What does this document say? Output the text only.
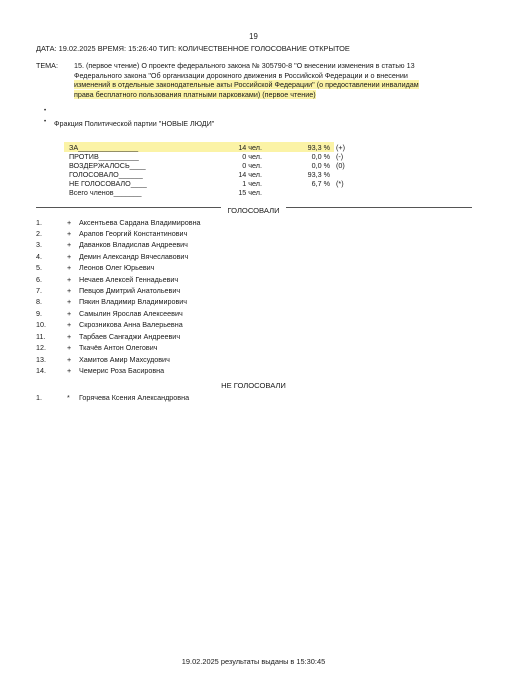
19
ДАТА: 19.02.2025 ВРЕМЯ: 15:26:40 ТИП: КОЛИЧЕСТВЕННОЕ ГОЛОСОВАНИЕ ОТКРЫТОЕ
ТЕМА: 15. (первое чтение) О проекте федерального закона № 305790-8 "О внесении изменения в статью 13
Федерального закона "Об организации дорожного движения в Российской Федерации и о внесении
изменений в отдельные законодательные акты Российской Федерации" (о предоставлении инвалидам
права бесплатного пользования платными парковками) (первое чтение)
•
• Фракция Политической партии "НОВЫЕ ЛЮДИ"
ЗА_______________	14 чел.	93,3 % (+)
ПРОТИВ__________	0 чел.	0,0 % (-)
ВОЗДЕРЖАЛОСЬ____	0 чел.	0,0 % (0)
ГОЛОСОВАЛО______	14 чел.	93,3 %
НЕ ГОЛОСОВАЛО____	1 чел.	6,7 % (*)
Всего членов_______	15 чел.
ГОЛОСОВАЛИ
1.	+ Аксентьева Сардана Владимировна
2.	+ Арапов Георгий Константинович
3.	+ Даванков Владислав Андреевич
4.	+ Демин Александр Вячеславович
5.	+ Леонов Олег Юрьевич
6.	+ Нечаев Алексей Геннадьевич
7.	+ Певцов Дмитрий Анатольевич
8.	+ Пякин Владимир Владимирович
9.	+ Самылин Ярослав Алексеевич
10.	+ Скрозникова Анна Валерьевна
11.	+ Тарбаев Сангаджи Андреевич
12.	+ Ткачёв Антон Олегович
13.	+ Хамитов Амир Махсудович
14.	+ Чемерис Роза Басировна
НЕ ГОЛОСОВАЛИ
1.	* Горячева Ксения Александровна
19.02.2025 результаты выданы в 15:30:45
